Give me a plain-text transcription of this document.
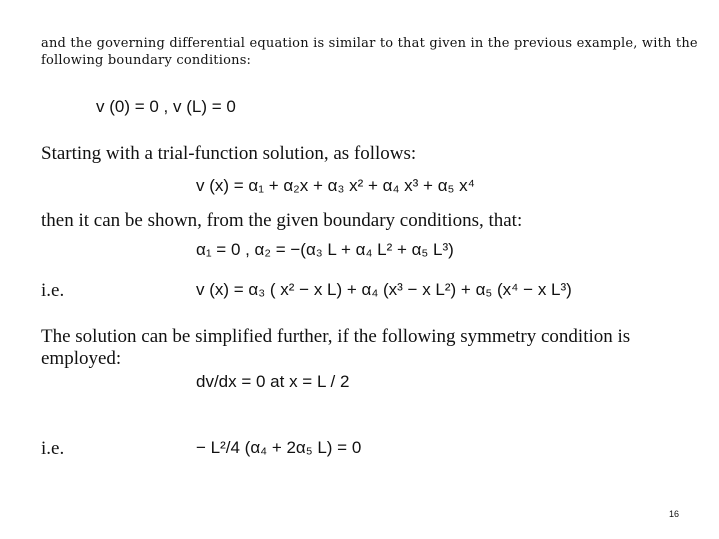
and the governing differential equation is similar to that given in the previous example, with the
following boundary conditions:
v (0) = 0 , v (L) = 0
Starting with a trial-function solution, as follows:
v (x) = α₁ + α₂x + α₃ x² + α₄ x³ + α₅ x⁴
then it can be shown, from the given boundary conditions, that:
α₁ = 0 , α₂ = −(α₃ L + α₄ L² + α₅ L³)
i.e.	v (x) = α₃ ( x² − x L) + α₄ (x³ − x L²) + α₅ (x⁴ − x L³)
The solution can be simplified further, if the following symmetry condition is
employed:
dv/dx = 0 at x = L / 2
i.e.	− L²/4 (α₄ + 2α₅ L) = 0
16
